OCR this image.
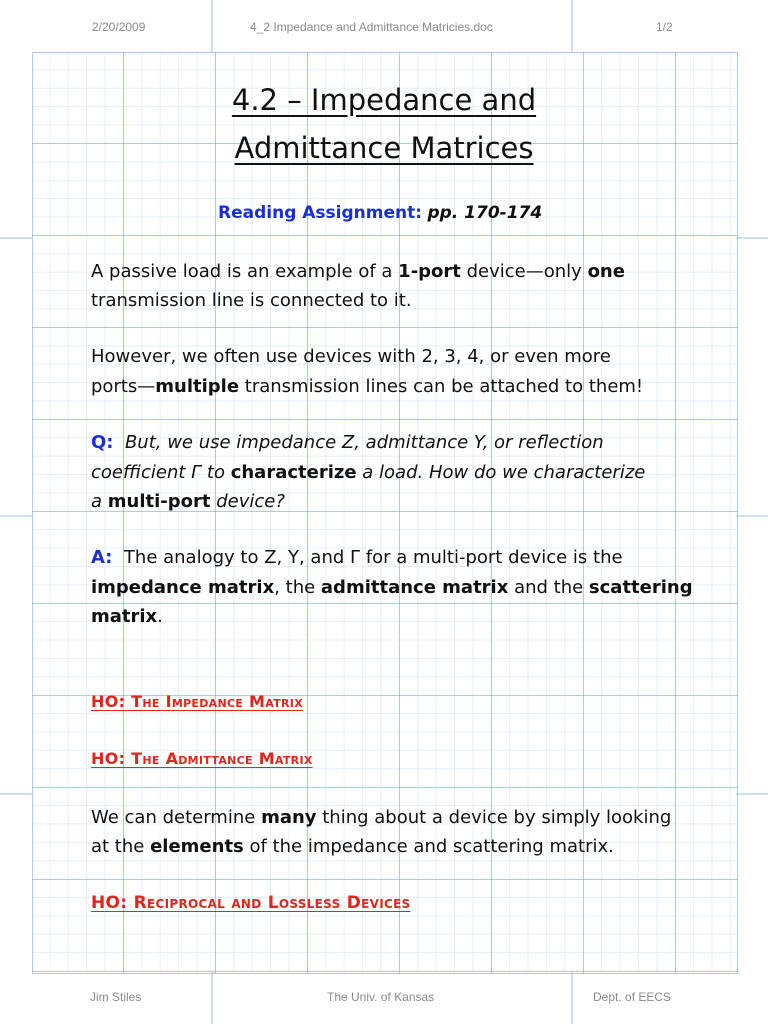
2/20/2009	4_2 Impedance and Admittance Matricies.doc	1/2
4.2 – Impedance and
Admittance Matrices
Reading Assignment: pp. 170-174
A passive load is an example of a 1-port device—only one
transmission line is connected to it.
However, we often use devices with 2, 3, 4, or even more
ports—multiple transmission lines can be attached to them!
Q: But, we use impedance Z, admittance Y, or reflection
coefficient Γ to characterize a load. How do we characterize
a multi-port device?
A: The analogy to Z, Y, and Γ for a multi-port device is the
impedance matrix, the admittance matrix and the scattering
matrix.
HO: The Impedance Matrix
HO: The Admittance Matrix
We can determine many thing about a device by simply looking
at the elements of the impedance and scattering matrix.
HO: Reciprocal and Lossless Devices
Jim Stiles	The Univ. of Kansas	Dept. of EECS
